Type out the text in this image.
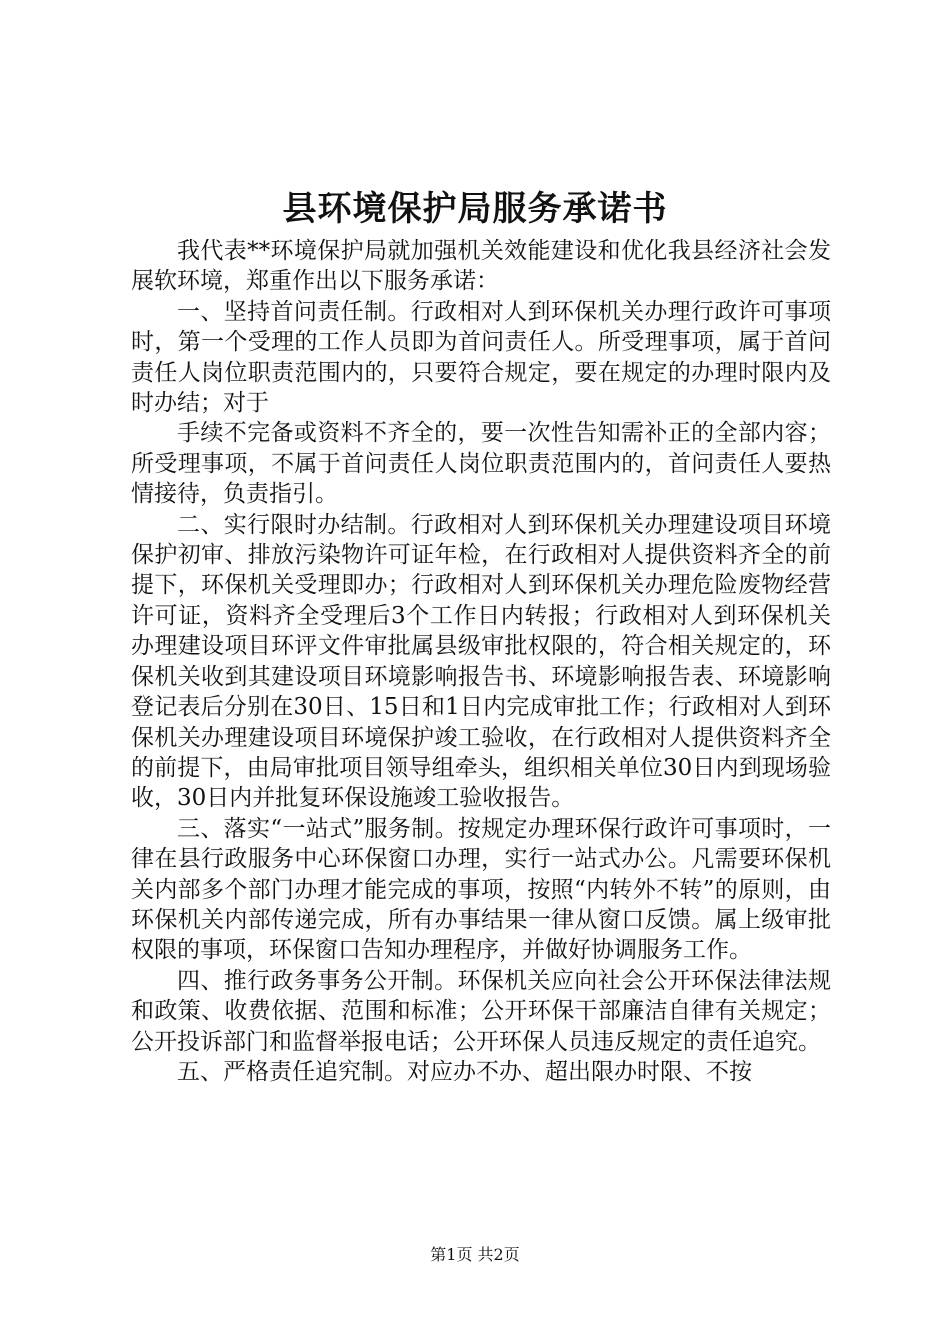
县环境保护局服务承诺书

我代表**环境保护局就加强机关效能建设和优化我县经济社会发展软环境，郑重作出以下服务承诺：

一、坚持首问责任制。行政相对人到环保机关办理行政许可事项时，第一个受理的工作人员即为首问责任人。所受理事项，属于首问责任人岗位职责范围内的，只要符合规定，要在规定的办理时限内及时办结；对于

手续不完备或资料不齐全的，要一次性告知需补正的全部内容；所受理事项，不属于首问责任人岗位职责范围内的，首问责任人要热情接待，负责指引。

二、实行限时办结制。行政相对人到环保机关办理建设项目环境保护初审、排放污染物许可证年检，在行政相对人提供资料齐全的前提下，环保机关受理即办；行政相对人到环保机关办理危险废物经营许可证，资料齐全受理后3个工作日内转报；行政相对人到环保机关办理建设项目环评文件审批属县级审批权限的，符合相关规定的，环保机关收到其建设项目环境影响报告书、环境影响报告表、环境影响登记表后分别在30日、15日和1日内完成审批工作；行政相对人到环保机关办理建设项目环境保护竣工验收，在行政相对人提供资料齐全的前提下，由局审批项目领导组牵头，组织相关单位30日内到现场验收，30日内并批复环保设施竣工验收报告。

三、落实“一站式”服务制。按规定办理环保行政许可事项时，一律在县行政服务中心环保窗口办理，实行一站式办公。凡需要环保机关内部多个部门办理才能完成的事项，按照“内转外不转”的原则，由环保机关内部传递完成，所有办事结果一律从窗口反馈。属上级审批权限的事项，环保窗口告知办理程序，并做好协调服务工作。

四、推行政务事务公开制。环保机关应向社会公开环保法律法规和政策、收费依据、范围和标准；公开环保干部廉洁自律有关规定；公开投诉部门和监督举报电话；公开环保人员违反规定的责任追究。

五、严格责任追究制。对应办不办、超出限办时限、不按

第1页 共2页
